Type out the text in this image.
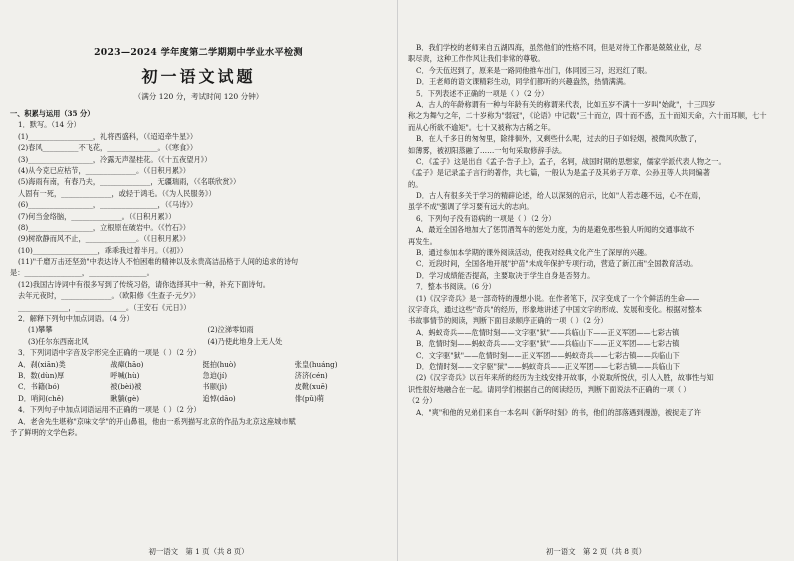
2023—2024 学年度第二学期期中学业水平检测
初一语文试题
（满分 120 分，考试时间 120 分钟）
一、积累与运用（35 分）
1．默写。（14 分）
(1)__________________，礼将西盛科，（《迢迢牵牛星》）
(2)春风__________不飞花，______________。（《寒食》）
(3)__________________，冷露无声湿桂花。（《十五夜望月》）
(4)从今克已应枯节，______________。（《日积月累》）
(5)海雨有南，有春乃夫，______________，无疆瑞雨，（《名联欣赏》）
人固有一死，______________，或轻于鸿毛。（《为人民服务》）
(6)__________________，________________，（《马诗》）
(7)何当金络脑，______________。（《日积月累》）
(8)__________________，立根原在破岩中。（《竹石》）
(9)树欲静而风不止，______________。（《日积月累》）
(10)__________________，乖乖我过着半月。（《初》）
(11)"千磨万击还坚劲"中表达诗人不怕困难的精神以及永贵高洁品格于人间的追求的诗句
是：________________，________________。
(12)我国古诗词中有很多写到了传统习俗，请你选择其中一种，补充下面诗句。
去年元夜时，______________。（欧阳修《生查子·元夕》）
______________，______________。（王安石《元日》）
2．解释下列句中加点词语。（4 分）
(1)攀攀	(2)泣涕零如雨
(3)任尔东西南北风	(4)乃使此地身上无人处
3．下列词语中字音及字形完全正确的一项是（ ）（2 分）
A．刹(xiān)类	战瘴(hāo)	挺拍(huò)	张皇(huáng)
B．数(dùn)厚	呼喊(hù)	急迫(jí)	济济(cén)
C．书籍(bó)	被(bèi)被	书颐(jì)	皮靴(xuē)
D．哨间(chě)	瞅躺(gè)	追悼(dāo)	俳(pǔ)萌
4．下列句子中加点词语运用不正确的一项是（ ）（2 分）
A．老舍先生堪称"京味文学"的开山鼻祖，他由一系列描写北京的作品为北京这座城市赋
予了鲜明的文学色彩。
初一语文　第 1 页（共 8 页）
B．我们学校的老师来自五湖四海，虽然他们的性格不同，但是对待工作都是兢兢业业，尽
职尽责，这种工作作风让我们非常的尊敬。
C．今天伍迟到了，原来是一路同他推车出门，体同园三习，迟迟红了眼。
D．王老师的语文课精彩生动，同学们都听的兴趣盎然，热情满满。
5．下列表述不正确的一项是（ ）（2 分）
A．古人的年龄称谓有一种与年龄有关的称谓来代表，比如五岁不满十一岁叫"始龀"，十三四岁
称之为舞勺之年，二十岁称为"弱冠"，《论语》中记载"三十而立，四十而不惑，五十而知天命，六十而耳顺，七十
而从心所欲不逾矩"。七十又被称为古稀之年。
B．在人千多日的匆匆里，除徘徊外，又剩些什么呢，过去的日子如轻烟，被微风吹散了，
如薄雾，被初阳蒸融了……一句句采取修辞手法。
C．《孟子》这是出自《孟子·告子上》，孟子，名轲，战国时期的思想家，儒家学派代表人物之一。
《孟子》是记录孟子言行的著作，共七篇，一般认为是孟子及其弟子万章、公孙丑等人共同编著
的。
D．古人有很多关于学习的精辟论述，给人以深刻的启示，比如"人若志趣不远，心不在焉，
虽学不成"强调了学习要有远大的志向。
6．下列句子没有语病的一项是（ ）（2 分）
A．最近全国各地加大了惩罚酒驾车的惩处力度，为的是避免那些狼人听闻的交通事故不
再发生。
B．通过参加本学期的课外阅读活动，使我对经典文化产生了深厚的兴趣。
C．近段时间，全国各地开展"护苗"未成年保护专项行动，营造了新江南"全国教育活动。
D．学习成绩能否提高，主要取决于学生自身是否努力。
7．整本书阅读。（6 分）
(1)《汉字奇兵》是一部奇特的漫想小说。在作者笔下，汉字变成了一个个鲜活的生命——
汉字奇兵，通过这些"奇兵"的经历，形象地讲述了中国文字的形成、发展和变化。根据对整本
书故事情节的阅读，判断下面目录顺序正确的一项（ ）（2 分）
A．蚂蚁奇兵——危情时刻——文字驱"狱"——兵临山下——正义军团——七彩古镇
B．危情时刻——蚂蚁奇兵——文字驱"狱"——兵临山下——正义军团——七彩古镇
C．文字驱"狱"——危情时刻——正义军团——蚂蚁奇兵——七彩古镇——兵临山下
D．危情时刻——文字驱"狱"——蚂蚁奇兵——正义军团——七彩古镇——兵临山下
(2)《汉字奇兵》以百年来所的经历为主线安排开故事，小说取所悦伏，引人入胜，故事性与知
识性很好地融合在一起。请同学们根据自己的阅读经历，判断下面说法不正确的一项（ ）
（2 分）
A．"爽"和他的兄弟们来自一本名叫《新华时刻》的书，他们的部落遇到漫游，被捉走了许
初一语文　第 2 页（共 8 页）
